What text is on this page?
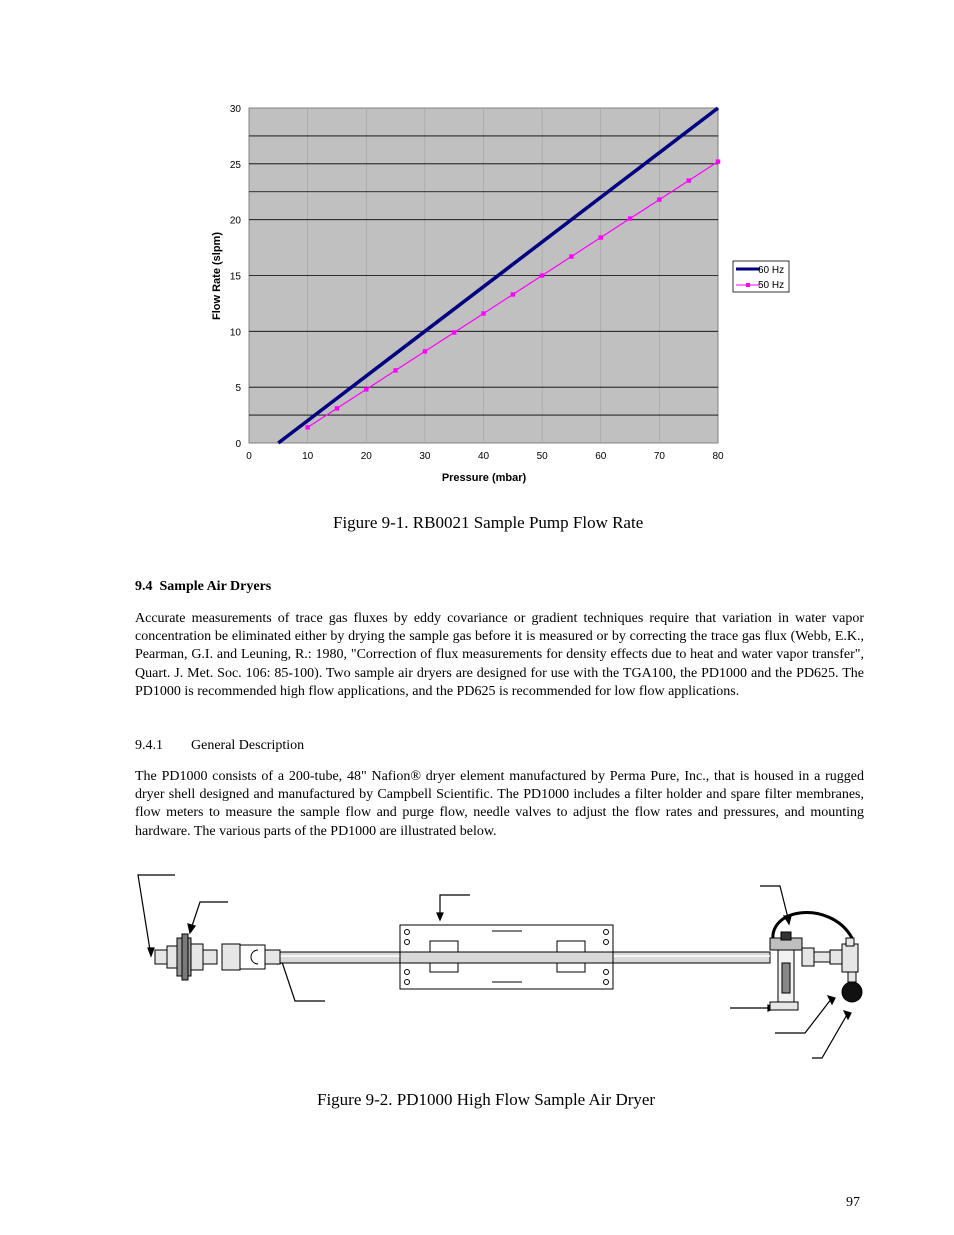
0	10	20	30	40	50	60	70	80
0
5
10
15
20
25
30
Pressure (mbar)
Flow Rate (slpm)	60 Hz
50 Hz
Figure 9-1. RB0021 Sample Pump Flow Rate
9.4 Sample Air Dryers
Accurate measurements of trace gas fluxes by eddy covariance or gradient techniques require that variation in water vapor concentration be eliminated either by drying the sample gas before it is measured or by correcting the trace gas flux (Webb, E.K., Pearman, G.I. and Leuning, R.: 1980, "Correction of flux measurements for density effects due to heat and water vapor transfer", Quart. J. Met. Soc. 106: 85-100). Two sample air dryers are designed for use with the TGA100, the PD1000 and the PD625. The PD1000 is recommended high flow applications, and the PD625 is recommended for low flow applications.
9.4.1 General Description
The PD1000 consists of a 200-tube, 48" Nafion® dryer element manufactured by Perma Pure, Inc., that is housed in a rugged dryer shell designed and manufactured by Campbell Scientific. The PD1000 includes a filter holder and spare filter membranes, flow meters to measure the sample flow and purge flow, needle valves to adjust the flow rates and pressures, and mounting hardware. The various parts of the PD1000 are illustrated below.
Figure 9-2. PD1000 High Flow Sample Air Dryer
97
